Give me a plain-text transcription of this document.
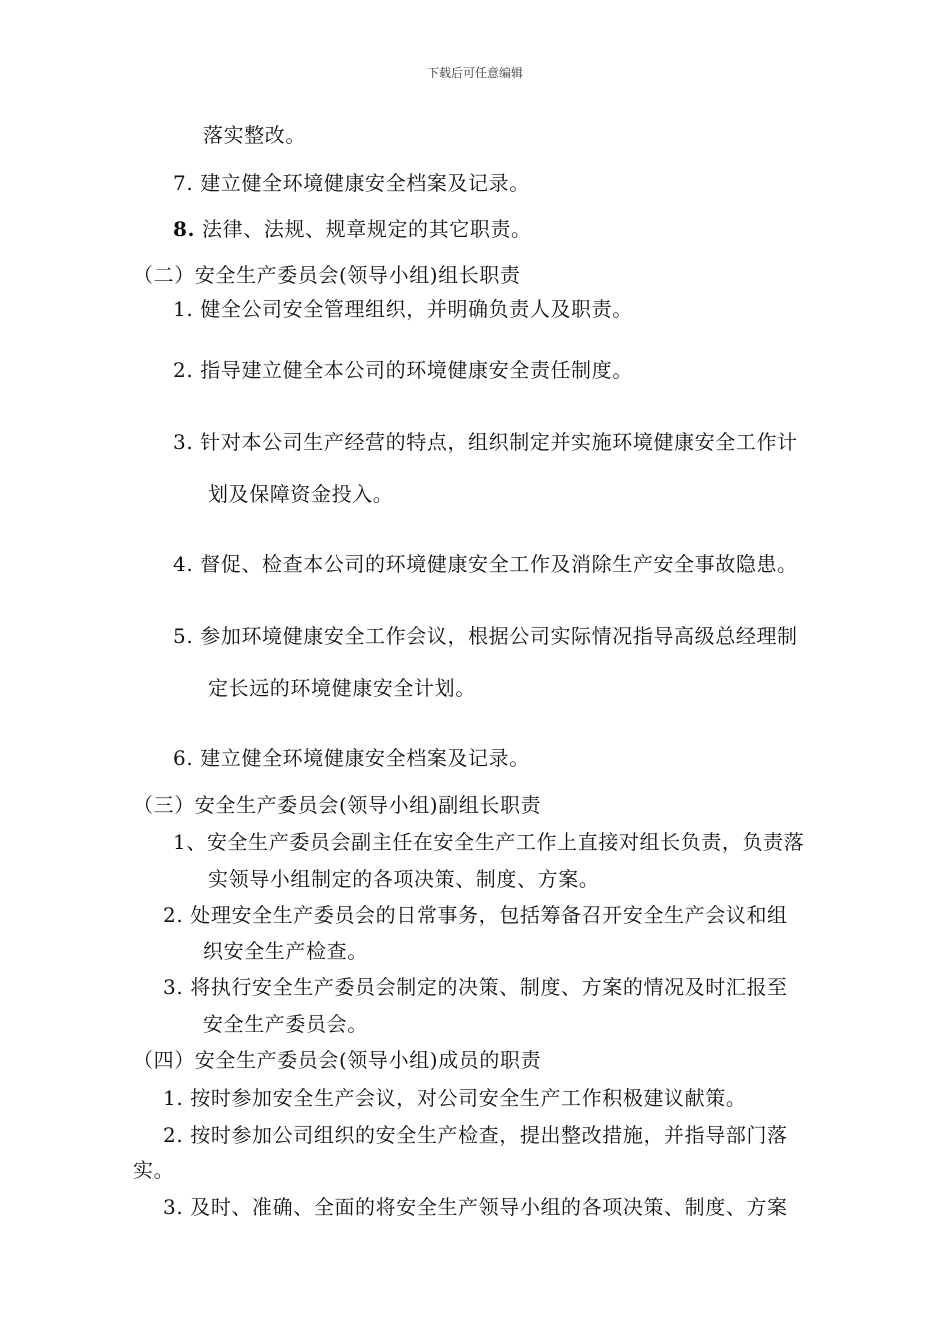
下载后可任意编辑
落实整改。
7. 建立健全环境健康安全档案及记录。
8. 法律、法规、规章规定的其它职责。
（二）安全生产委员会(领导小组)组长职责
1. 健全公司安全管理组织，并明确负责人及职责。
2. 指导建立健全本公司的环境健康安全责任制度。
3. 针对本公司生产经营的特点，组织制定并实施环境健康安全工作计
划及保障资金投入。
4. 督促、检查本公司的环境健康安全工作及消除生产安全事故隐患。
5. 参加环境健康安全工作会议，根据公司实际情况指导高级总经理制
定长远的环境健康安全计划。
6. 建立健全环境健康安全档案及记录。
（三）安全生产委员会(领导小组)副组长职责
1、安全生产委员会副主任在安全生产工作上直接对组长负责，负责落
实领导小组制定的各项决策、制度、方案。
2. 处理安全生产委员会的日常事务，包括筹备召开安全生产会议和组
织安全生产检查。
3. 将执行安全生产委员会制定的决策、制度、方案的情况及时汇报至
安全生产委员会。
（四）安全生产委员会(领导小组)成员的职责
1. 按时参加安全生产会议，对公司安全生产工作积极建议献策。
2. 按时参加公司组织的安全生产检查，提出整改措施，并指导部门落
实。
3. 及时、准确、全面的将安全生产领导小组的各项决策、制度、方案
